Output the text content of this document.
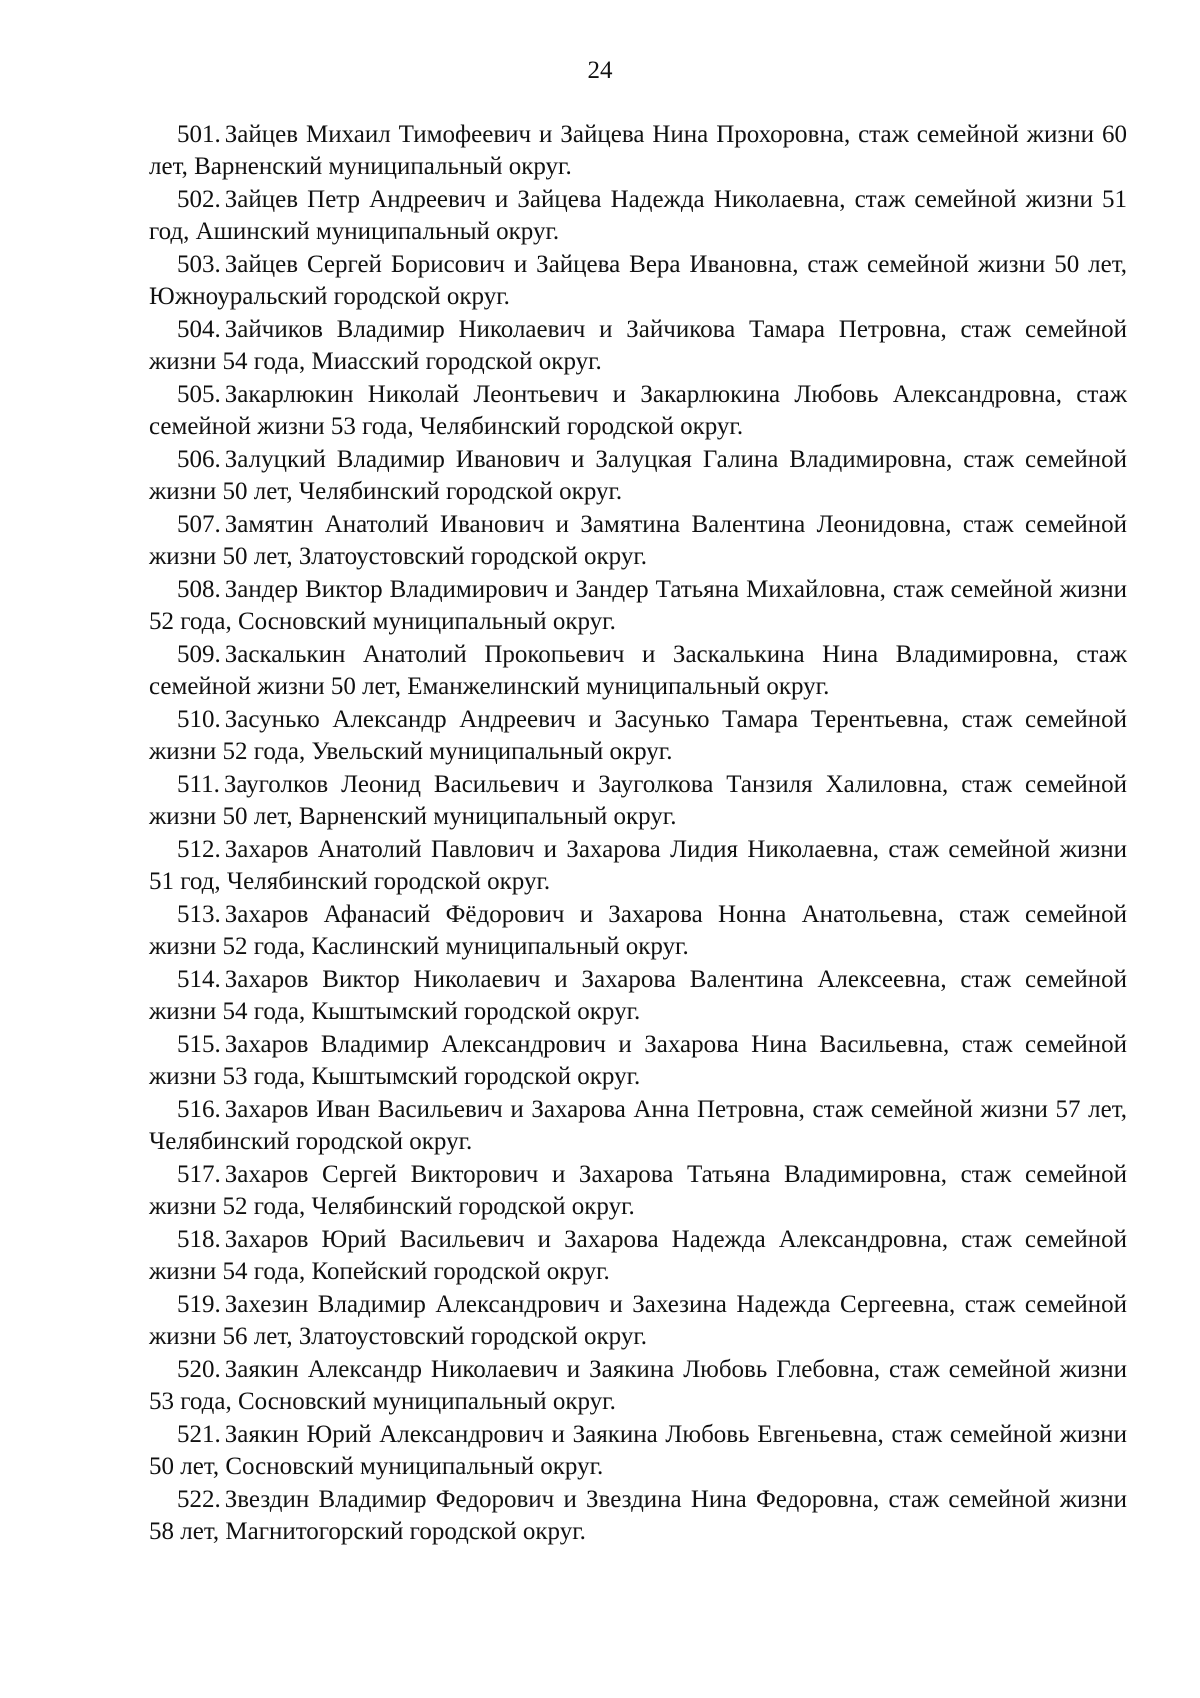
24

501. Зайцев Михаил Тимофеевич и Зайцева Нина Прохоровна, стаж семейной жизни 60 лет, Варненский муниципальный округ.

502. Зайцев Петр Андреевич и Зайцева Надежда Николаевна, стаж семейной жизни 51 год, Ашинский муниципальный округ.

503. Зайцев Сергей Борисович и Зайцева Вера Ивановна, стаж семейной жизни 50 лет, Южноуральский городской округ.

504. Зайчиков Владимир Николаевич и Зайчикова Тамара Петровна, стаж семейной жизни 54 года, Миасский городской округ.

505. Закарлюкин Николай Леонтьевич и Закарлюкина Любовь Александровна, стаж семейной жизни 53 года, Челябинский городской округ.

506. Залуцкий Владимир Иванович и Залуцкая Галина Владимировна, стаж семейной жизни 50 лет, Челябинский городской округ.

507. Замятин Анатолий Иванович и Замятина Валентина Леонидовна, стаж семейной жизни 50 лет, Златоустовский городской округ.

508. Зандер Виктор Владимирович и Зандер Татьяна Михайловна, стаж семейной жизни 52 года, Сосновский муниципальный округ.

509. Заскалькин Анатолий Прокопьевич и Заскалькина Нина Владимировна, стаж семейной жизни 50 лет, Еманжелинский муниципальный округ.

510. Засунько Александр Андреевич и Засунько Тамара Терентьевна, стаж семейной жизни 52 года, Увельский муниципальный округ.

511. Зауголков Леонид Васильевич и Зауголкова Танзиля Халиловна, стаж семейной жизни 50 лет, Варненский муниципальный округ.

512. Захаров Анатолий Павлович и Захарова Лидия Николаевна, стаж семейной жизни 51 год, Челябинский городской округ.

513. Захаров Афанасий Фёдорович и Захарова Нонна Анатольевна, стаж семейной жизни 52 года, Каслинский муниципальный округ.

514. Захаров Виктор Николаевич и Захарова Валентина Алексеевна, стаж семейной жизни 54 года, Кыштымский городской округ.

515. Захаров Владимир Александрович и Захарова Нина Васильевна, стаж семейной жизни 53 года, Кыштымский городской округ.

516. Захаров Иван Васильевич и Захарова Анна Петровна, стаж семейной жизни 57 лет, Челябинский городской округ.

517. Захаров Сергей Викторович и Захарова Татьяна Владимировна, стаж семейной жизни 52 года, Челябинский городской округ.

518. Захаров Юрий Васильевич и Захарова Надежда Александровна, стаж семейной жизни 54 года, Копейский городской округ.

519. Захезин Владимир Александрович и Захезина Надежда Сергеевна, стаж семейной жизни 56 лет, Златоустовский городской округ.

520. Заякин Александр Николаевич и Заякина Любовь Глебовна, стаж семейной жизни 53 года, Сосновский муниципальный округ.

521. Заякин Юрий Александрович и Заякина Любовь Евгеньевна, стаж семейной жизни 50 лет, Сосновский муниципальный округ.

522. Звездин Владимир Федорович и Звездина Нина Федоровна, стаж семейной жизни 58 лет, Магнитогорский городской округ.
